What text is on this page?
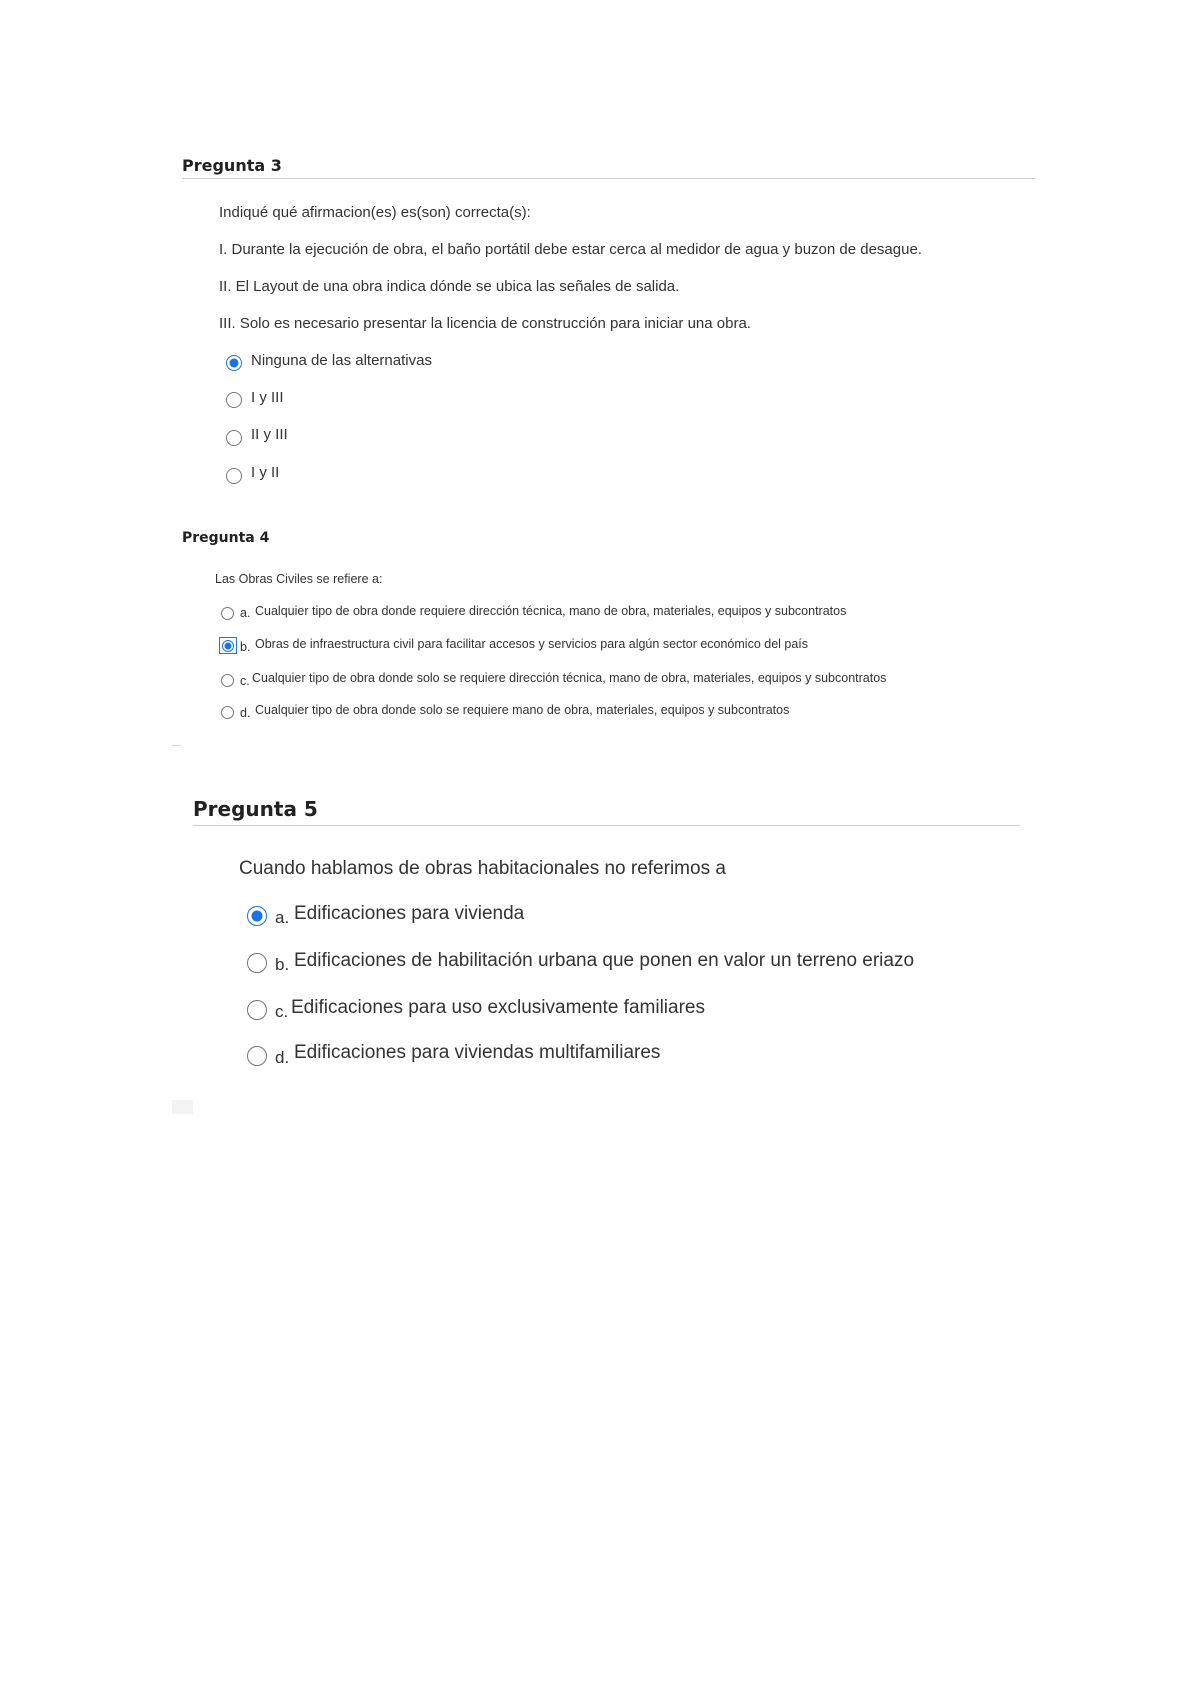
Pregunta 3
Indiqué qué afirmacion(es) es(son) correcta(s):
I. Durante la ejecución de obra, el baño portátil debe estar cerca al medidor de agua y buzon de desague.
II. El Layout de una obra indica dónde se ubica las señales de salida.
III. Solo es necesario presentar la licencia de construcción para iniciar una obra.
Ninguna de las alternativas
I y III
II y III
I y II
Pregunta 4
Las Obras Civiles se refiere a:
a. Cualquier tipo de obra donde requiere dirección técnica, mano de obra, materiales, equipos y subcontratos
b. Obras de infraestructura civil para facilitar accesos y servicios para algún sector económico del país
c. Cualquier tipo de obra donde solo se requiere dirección técnica, mano de obra, materiales, equipos y subcontratos
d. Cualquier tipo de obra donde solo se requiere mano de obra, materiales, equipos y subcontratos
Pregunta 5
Cuando hablamos de obras habitacionales no referimos a
a. Edificaciones para vivienda
b. Edificaciones de habilitación urbana que ponen en valor un terreno eriazo
c. Edificaciones para uso exclusivamente familiares
d. Edificaciones para viviendas multifamiliares
